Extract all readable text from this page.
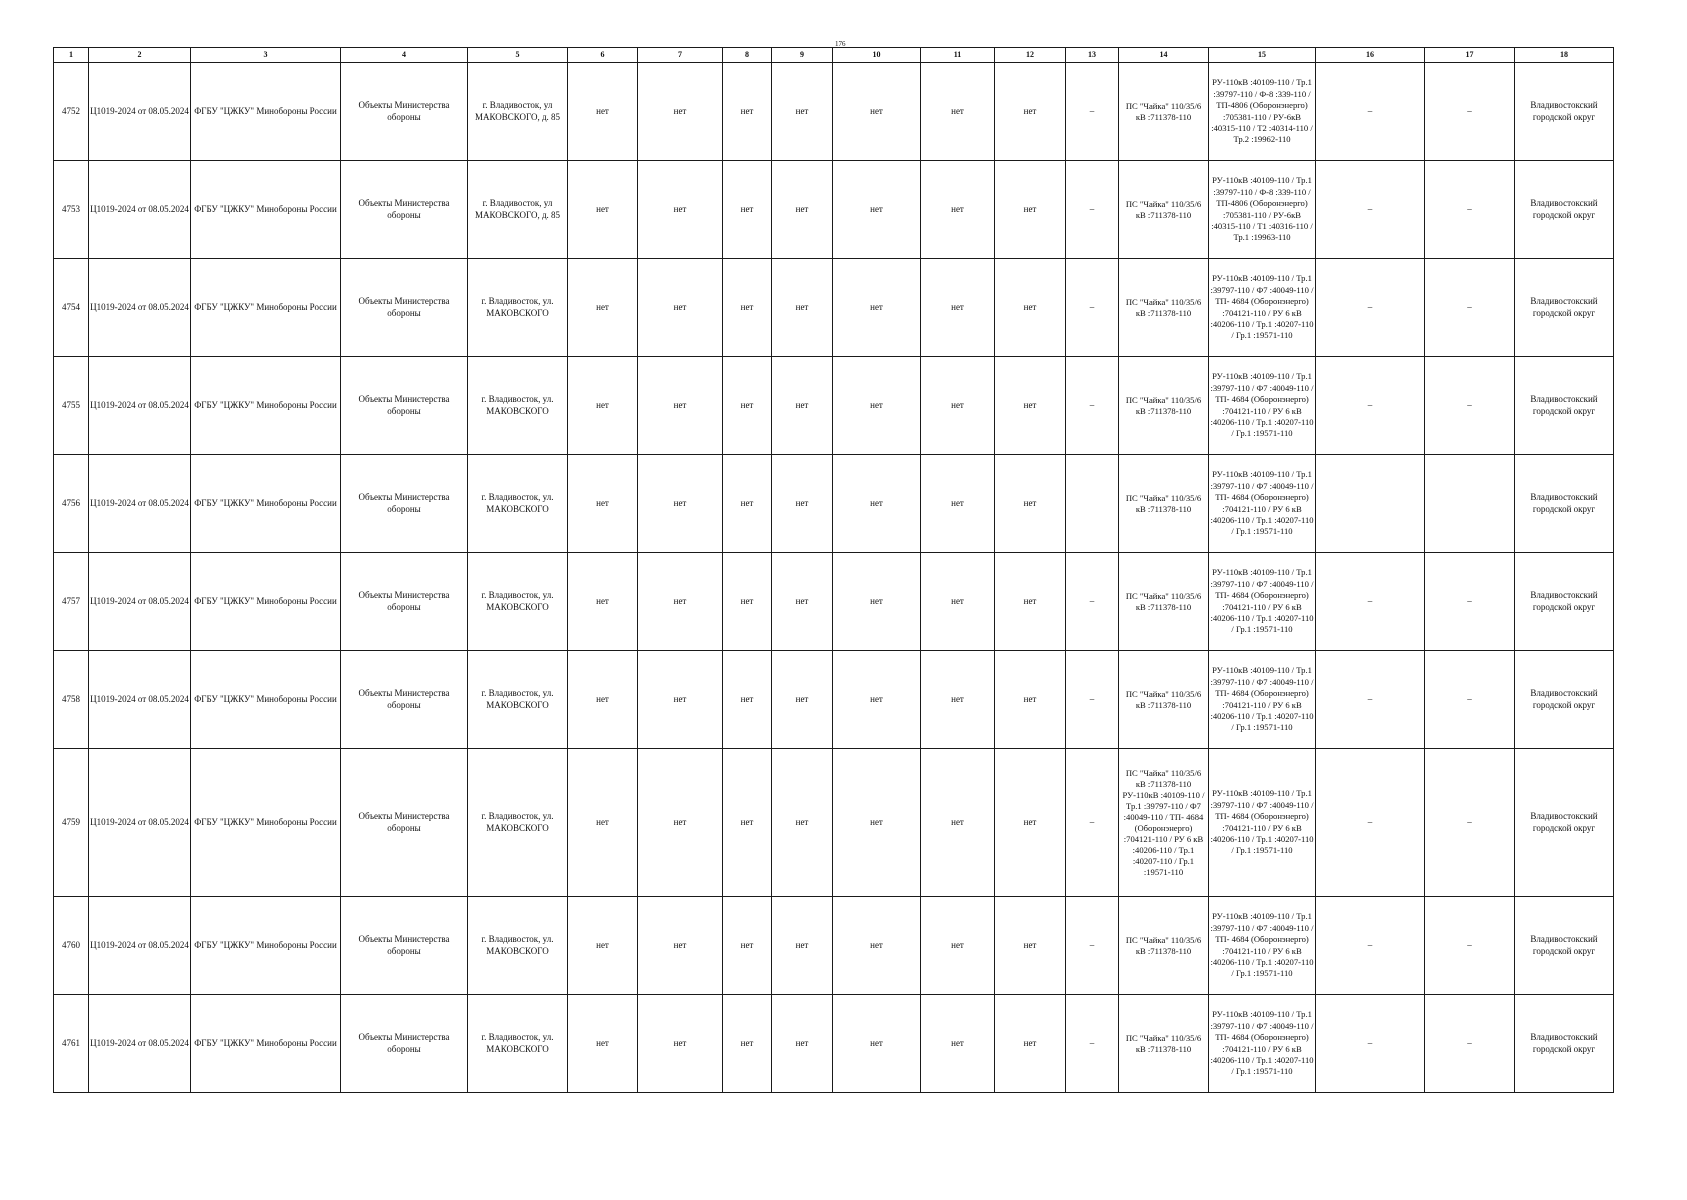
176
1	2	3	4	5	6	7	8	9	10	11	12	13	14	15	16	17	18
4752	Ц1019-2024 от 08.05.2024	ФГБУ "ЦЖКУ" Минобороны России	Объекты Министерства обороны	г. Владивосток, ул МАКОВСКОГО, д. 85	нет	нет	нет	нет	нет	нет	нет	–	ПС "Чайка" 110/35/6 кВ :711378-110	РУ-110кВ :40109-110 / Тр.1 :39797-110 / Ф-8 :339-110 / ТП-4806 (Оборонэнерго) :705381-110 / РУ-6кВ :40315-110 / Т2 :40314-110 / Тр.2 :19962-110	–	–	Владивостокский городской округ
4753	Ц1019-2024 от 08.05.2024	ФГБУ "ЦЖКУ" Минобороны России	Объекты Министерства обороны	г. Владивосток, ул МАКОВСКОГО, д. 85	нет	нет	нет	нет	нет	нет	нет	–	ПС "Чайка" 110/35/6 кВ :711378-110	РУ-110кВ :40109-110 / Тр.1 :39797-110 / Ф-8 :339-110 / ТП-4806 (Оборонэнерго) :705381-110 / РУ-6кВ :40315-110 / Т1 :40316-110 / Тр.1 :19963-110	–	–	Владивостокский городской округ
4754	Ц1019-2024 от 08.05.2024	ФГБУ "ЦЖКУ" Минобороны России	Объекты Министерства обороны	г. Владивосток, ул. МАКОВСКОГО	нет	нет	нет	нет	нет	нет	нет	–	ПС "Чайка" 110/35/6 кВ :711378-110	РУ-110кВ :40109-110 / Тр.1 :39797-110 / Ф7 :40049-110 / ТП- 4684 (Оборонэнерго) :704121-110 / РУ 6 кВ :40206-110 / Тр.1 :40207-110 / Гр.1 :19571-110	–	–	Владивостокский городской округ
4755	Ц1019-2024 от 08.05.2024	ФГБУ "ЦЖКУ" Минобороны России	Объекты Министерства обороны	г. Владивосток, ул. МАКОВСКОГО	нет	нет	нет	нет	нет	нет	нет	–	ПС "Чайка" 110/35/6 кВ :711378-110	РУ-110кВ :40109-110 / Тр.1 :39797-110 / Ф7 :40049-110 / ТП- 4684 (Оборонэнерго) :704121-110 / РУ 6 кВ :40206-110 / Тр.1 :40207-110 / Гр.1 :19571-110	–	–	Владивостокский городской округ
4756	Ц1019-2024 от 08.05.2024	ФГБУ "ЦЖКУ" Минобороны России	Объекты Министерства обороны	г. Владивосток, ул. МАКОВСКОГО	нет	нет	нет	нет	нет	нет	нет		ПС "Чайка" 110/35/6 кВ :711378-110	РУ-110кВ :40109-110 / Тр.1 :39797-110 / Ф7 :40049-110 / ТП- 4684 (Оборонэнерго) :704121-110 / РУ 6 кВ :40206-110 / Тр.1 :40207-110 / Гр.1 :19571-110			Владивостокский городской округ
4757	Ц1019-2024 от 08.05.2024	ФГБУ "ЦЖКУ" Минобороны России	Объекты Министерства обороны	г. Владивосток, ул. МАКОВСКОГО	нет	нет	нет	нет	нет	нет	нет	–	ПС "Чайка" 110/35/6 кВ :711378-110	РУ-110кВ :40109-110 / Тр.1 :39797-110 / Ф7 :40049-110 / ТП- 4684 (Оборонэнерго) :704121-110 / РУ 6 кВ :40206-110 / Тр.1 :40207-110 / Гр.1 :19571-110	–	–	Владивостокский городской округ
4758	Ц1019-2024 от 08.05.2024	ФГБУ "ЦЖКУ" Минобороны России	Объекты Министерства обороны	г. Владивосток, ул. МАКОВСКОГО	нет	нет	нет	нет	нет	нет	нет	–	ПС "Чайка" 110/35/6 кВ :711378-110	РУ-110кВ :40109-110 / Тр.1 :39797-110 / Ф7 :40049-110 / ТП- 4684 (Оборонэнерго) :704121-110 / РУ 6 кВ :40206-110 / Тр.1 :40207-110 / Гр.1 :19571-110	–	–	Владивостокский городской округ
4759	Ц1019-2024 от 08.05.2024	ФГБУ "ЦЖКУ" Минобороны России	Объекты Министерства обороны	г. Владивосток, ул. МАКОВСКОГО	нет	нет	нет	нет	нет	нет	нет	–	ПС "Чайка" 110/35/6 кВ :711378-110 РУ-110кВ :40109-110 / Тр.1 :39797-110 / Ф7 :40049-110 / ТП- 4684 (Оборонэнерго) :704121-110 / РУ 6 кВ :40206-110 / Тр.1 :40207-110 / Гр.1 :19571-110	РУ-110кВ :40109-110 / Тр.1 :39797-110 / Ф7 :40049-110 / ТП- 4684 (Оборонэнерго) :704121-110 / РУ 6 кВ :40206-110 / Тр.1 :40207-110 / Гр.1 :19571-110	–	–	Владивостокский городской округ
4760	Ц1019-2024 от 08.05.2024	ФГБУ "ЦЖКУ" Минобороны России	Объекты Министерства обороны	г. Владивосток, ул. МАКОВСКОГО	нет	нет	нет	нет	нет	нет	нет	–	ПС "Чайка" 110/35/6 кВ :711378-110	РУ-110кВ :40109-110 / Тр.1 :39797-110 / Ф7 :40049-110 / ТП- 4684 (Оборонэнерго) :704121-110 / РУ 6 кВ :40206-110 / Тр.1 :40207-110 / Гр.1 :19571-110	–	–	Владивостокский городской округ
4761	Ц1019-2024 от 08.05.2024	ФГБУ "ЦЖКУ" Минобороны России	Объекты Министерства обороны	г. Владивосток, ул. МАКОВСКОГО	нет	нет	нет	нет	нет	нет	нет	–	ПС "Чайка" 110/35/6 кВ :711378-110	РУ-110кВ :40109-110 / Тр.1 :39797-110 / Ф7 :40049-110 / ТП- 4684 (Оборонэнерго) :704121-110 / РУ 6 кВ :40206-110 / Тр.1 :40207-110 / Гр.1 :19571-110	–	–	Владивостокский городской округ
